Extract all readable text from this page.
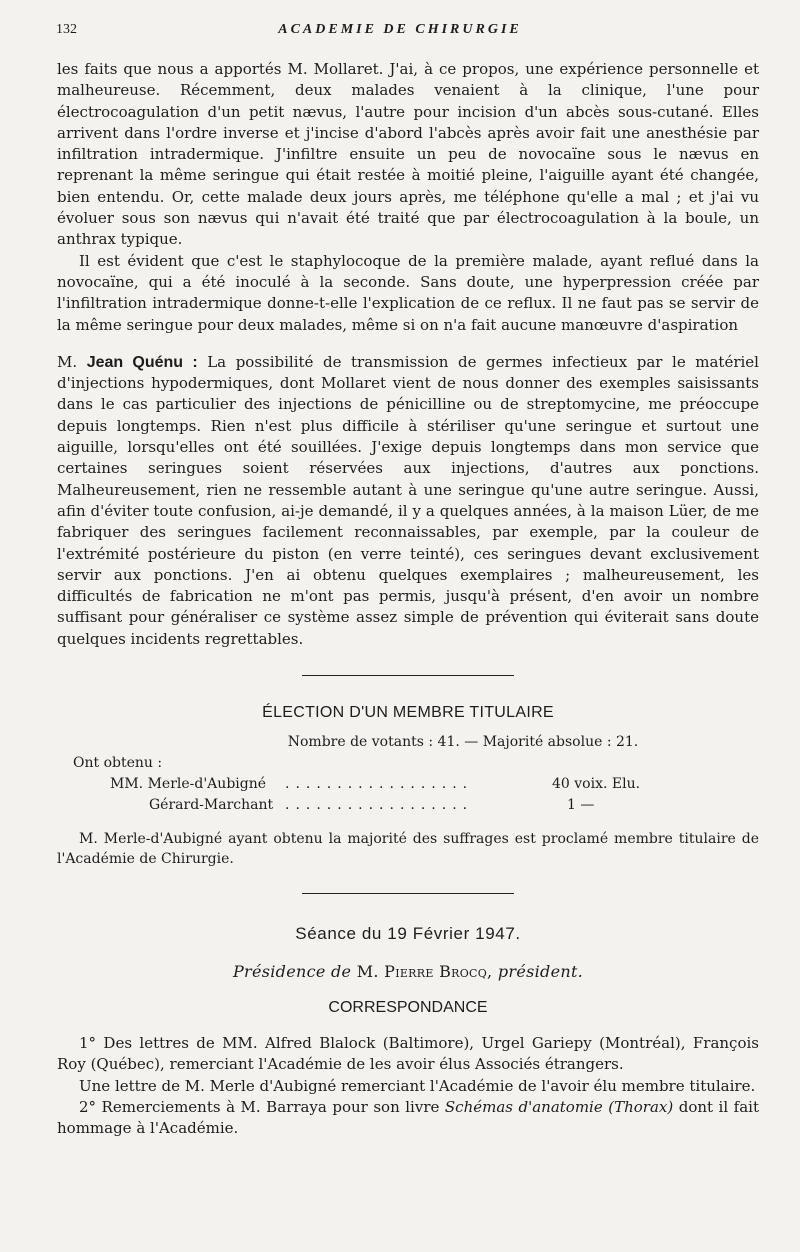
132	ACADEMIE DE CHIRURGIE

les faits que nous a apportés M. Mollaret. J'ai, à ce propos, une expérience personnelle et malheureuse. Récemment, deux malades venaient à la clinique, l'une pour électrocoagulation d'un petit nævus, l'autre pour incision d'un abcès sous-cutané. Elles arrivent dans l'ordre inverse et j'incise d'abord l'abcès après avoir fait une anesthésie par infiltration intradermique. J'infiltre ensuite un peu de novocaïne sous le nævus en reprenant la même seringue qui était restée à moitié pleine, l'aiguille ayant été changée, bien entendu. Or, cette malade deux jours après, me téléphone qu'elle a mal ; et j'ai vu évoluer sous son nævus qui n'avait été traité que par électrocoagulation à la boule, un anthrax typique.

Il est évident que c'est le staphylocoque de la première malade, ayant reflué dans la novocaïne, qui a été inoculé à la seconde. Sans doute, une hyperpression créée par l'infiltration intradermique donne-t-elle l'explication de ce reflux. Il ne faut pas se servir de la même seringue pour deux malades, même si on n'a fait aucune manœuvre d'aspiration

M. Jean Quénu : La possibilité de transmission de germes infectieux par le matériel d'injections hypodermiques, dont Mollaret vient de nous donner des exemples saisissants dans le cas particulier des injections de pénicilline ou de streptomycine, me préoccupe depuis longtemps. Rien n'est plus difficile à stériliser qu'une seringue et surtout une aiguille, lorsqu'elles ont été souillées. J'exige depuis longtemps dans mon service que certaines seringues soient réservées aux injections, d'autres aux ponctions. Malheureusement, rien ne ressemble autant à une seringue qu'une autre seringue. Aussi, afin d'éviter toute confusion, ai-je demandé, il y a quelques années, à la maison Lüer, de me fabriquer des seringues facilement reconnaissables, par exemple, par la couleur de l'extrémité postérieure du piston (en verre teinté), ces seringues devant exclusivement servir aux ponctions. J'en ai obtenu quelques exemplaires ; malheureusement, les difficultés de fabrication ne m'ont pas permis, jusqu'à présent, d'en avoir un nombre suffisant pour généraliser ce système assez simple de prévention qui éviterait sans doute quelques incidents regrettables.

ÉLECTION D'UN MEMBRE TITULAIRE
Nombre de votants : 41. — Majorité absolue : 21.
Ont obtenu :
MM. Merle-d'Aubigné ..................	40 voix. Elu.
Gérard-Marchant ..................	1 —

M. Merle-d'Aubigné ayant obtenu la majorité des suffrages est proclamé membre titulaire de l'Académie de Chirurgie.

Séance du 19 Février 1947.
Présidence de M. Pierre Brocq, président.
CORRESPONDANCE

1° Des lettres de MM. Alfred Blalock (Baltimore), Urgel Gariepy (Montréal), François Roy (Québec), remerciant l'Académie de les avoir élus Associés étrangers.

Une lettre de M. Merle d'Aubigné remerciant l'Académie de l'avoir élu membre titulaire.

2° Remerciements à M. Barraya pour son livre Schémas d'anatomie (Thorax) dont il fait hommage à l'Académie.
